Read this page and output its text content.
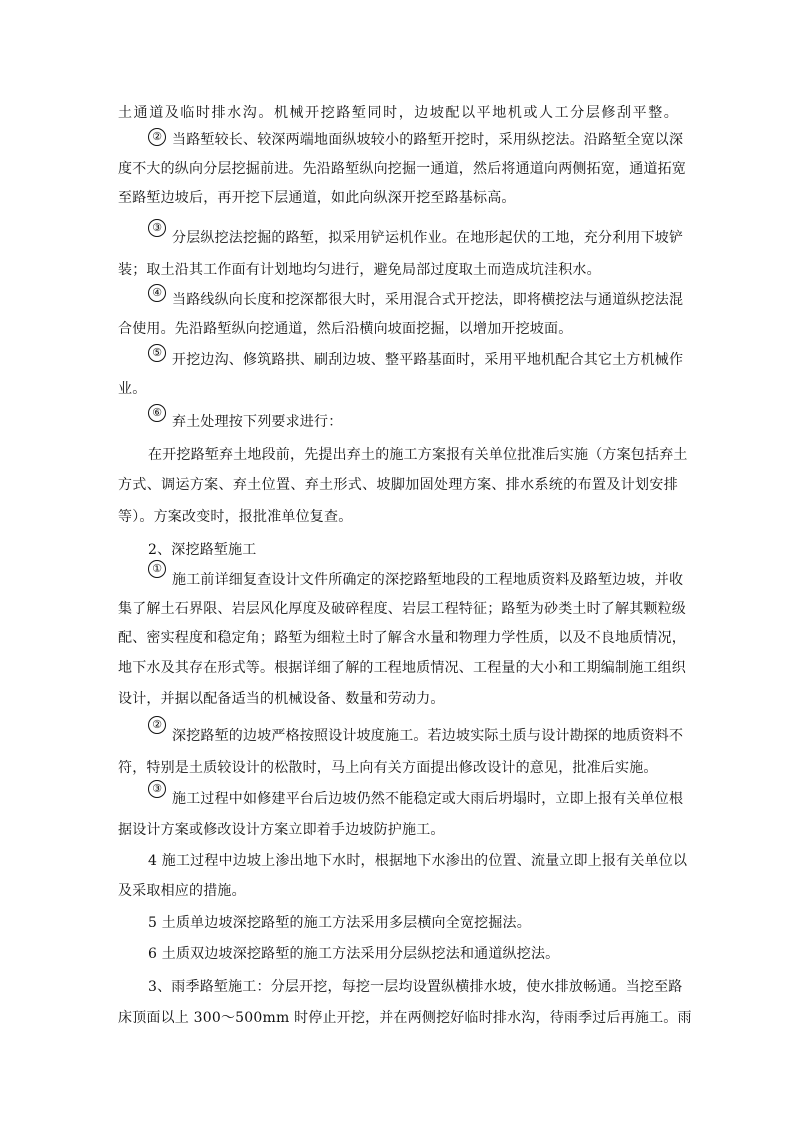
土通道及临时排水沟。机械开挖路堑同时，边坡配以平地机或人工分层修刮平整。
② 当路堑较长、较深两端地面纵坡较小的路堑开挖时，采用纵挖法。沿路堑全宽以深
度不大的纵向分层挖掘前进。先沿路堑纵向挖掘一通道，然后将通道向两侧拓宽，通道拓宽
至路堑边坡后，再开挖下层通道，如此向纵深开挖至路基标高。
③
分层纵挖法挖掘的路堑，拟采用铲运机作业。在地形起伏的工地，充分利用下坡铲
装；取土沿其工作面有计划地均匀进行，避免局部过度取土而造成坑洼积水。
④ 当路线纵向长度和挖深都很大时，采用混合式开挖法，即将横挖法与通道纵挖法混
合使用。先沿路堑纵向挖通道，然后沿横向坡面挖掘，以增加开挖坡面。
⑤ 开挖边沟、修筑路拱、刷刮边坡、整平路基面时，采用平地机配合其它土方机械作
业。
⑥
弃土处理按下列要求进行：
在开挖路堑弃土地段前，先提出弃土的施工方案报有关单位批准后实施（方案包括弃土
方式、调运方案、弃土位置、弃土形式、坡脚加固处理方案、排水系统的布置及计划安排
等）。方案改变时，报批准单位复查。
2、深挖路堑施工
①
施工前详细复查设计文件所确定的深挖路堑地段的工程地质资料及路堑边坡，并收
集了解土石界限、岩层风化厚度及破碎程度、岩层工程特征；路堑为砂类土时了解其颗粒级
配、密实程度和稳定角；路堑为细粒土时了解含水量和物理力学性质，以及不良地质情况，
地下水及其存在形式等。根据详细了解的工程地质情况、工程量的大小和工期编制施工组织
设计，并据以配备适当的机械设备、数量和劳动力。
②
深挖路堑的边坡严格按照设计坡度施工。若边坡实际土质与设计勘探的地质资料不
符，特别是土质较设计的松散时，马上向有关方面提出修改设计的意见，批准后实施。
③
施工过程中如修建平台后边坡仍然不能稳定或大雨后坍塌时，立即上报有关单位根
据设计方案或修改设计方案立即着手边坡防护施工。
4 施工过程中边坡上渗出地下水时，根据地下水渗出的位置、流量立即上报有关单位以
及采取相应的措施。
5 土质单边坡深挖路堑的施工方法采用多层横向全宽挖掘法。
6 土质双边坡深挖路堑的施工方法采用分层纵挖法和通道纵挖法。
3、雨季路堑施工：分层开挖，每挖一层均设置纵横排水坡，使水排放畅通。当挖至路
床顶面以上 300～500mm 时停止开挖，并在两侧挖好临时排水沟，待雨季过后再施工。雨
